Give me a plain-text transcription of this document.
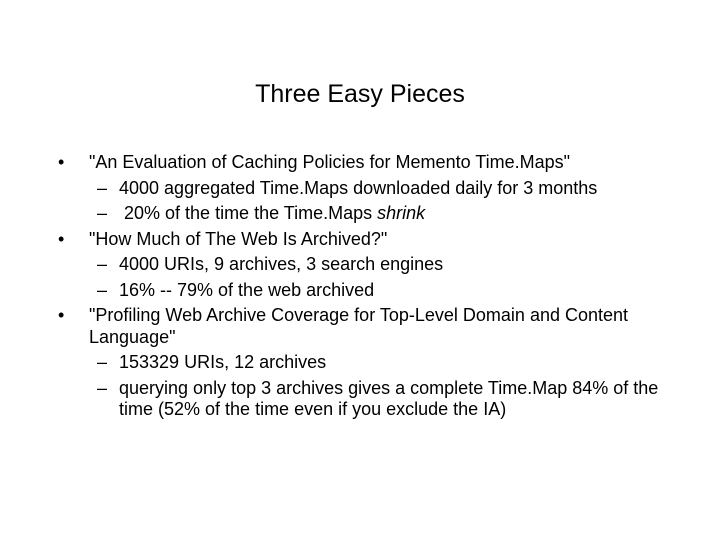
Three Easy Pieces
• "An Evaluation of Caching Policies for Memento Time.Maps"
– 4000 aggregated Time.Maps downloaded daily for 3 months
– 20% of the time the Time.Maps shrink
• "How Much of The Web Is Archived?"
– 4000 URIs, 9 archives, 3 search engines
– 16% -- 79% of the web archived
• "Profiling Web Archive Coverage for Top-Level Domain and Content Language"
– 153329 URIs, 12 archives
– querying only top 3 archives gives a complete Time.Map 84% of the time (52% of the time even if you exclude the IA)
